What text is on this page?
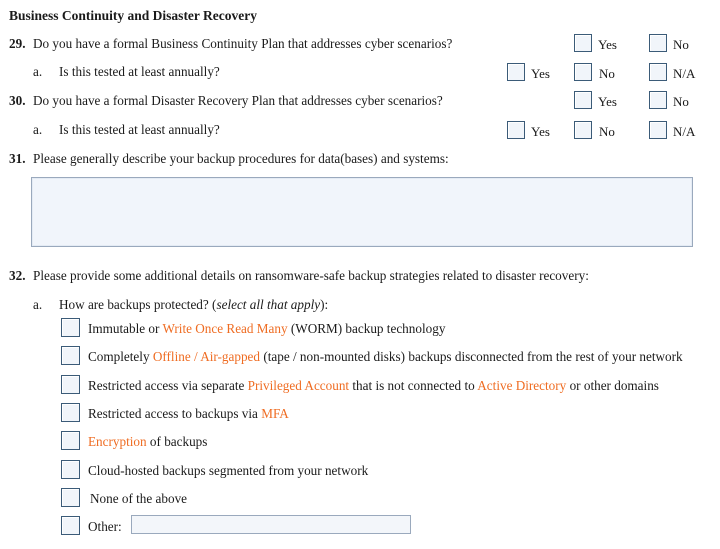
Business Continuity and Disaster Recovery
29. Do you have a formal Business Continuity Plan that addresses cyber scenarios?	Yes	No
a. Is this tested at least annually?	Yes	No	N/A
30. Do you have a formal Disaster Recovery Plan that addresses cyber scenarios?	Yes	No
a. Is this tested at least annually?	Yes	No	N/A
31. Please generally describe your backup procedures for data(bases) and systems:
32. Please provide some additional details on ransomware-safe backup strategies related to disaster recovery:
a. How are backups protected? (select all that apply):
Immutable or Write Once Read Many (WORM) backup technology
Completely Offline / Air-gapped (tape / non-mounted disks) backups disconnected from the rest of your network
Restricted access via separate Privileged Account that is not connected to Active Directory or other domains
Restricted access to backups via MFA
Encryption of backups
Cloud-hosted backups segmented from your network
None of the above
Other:
